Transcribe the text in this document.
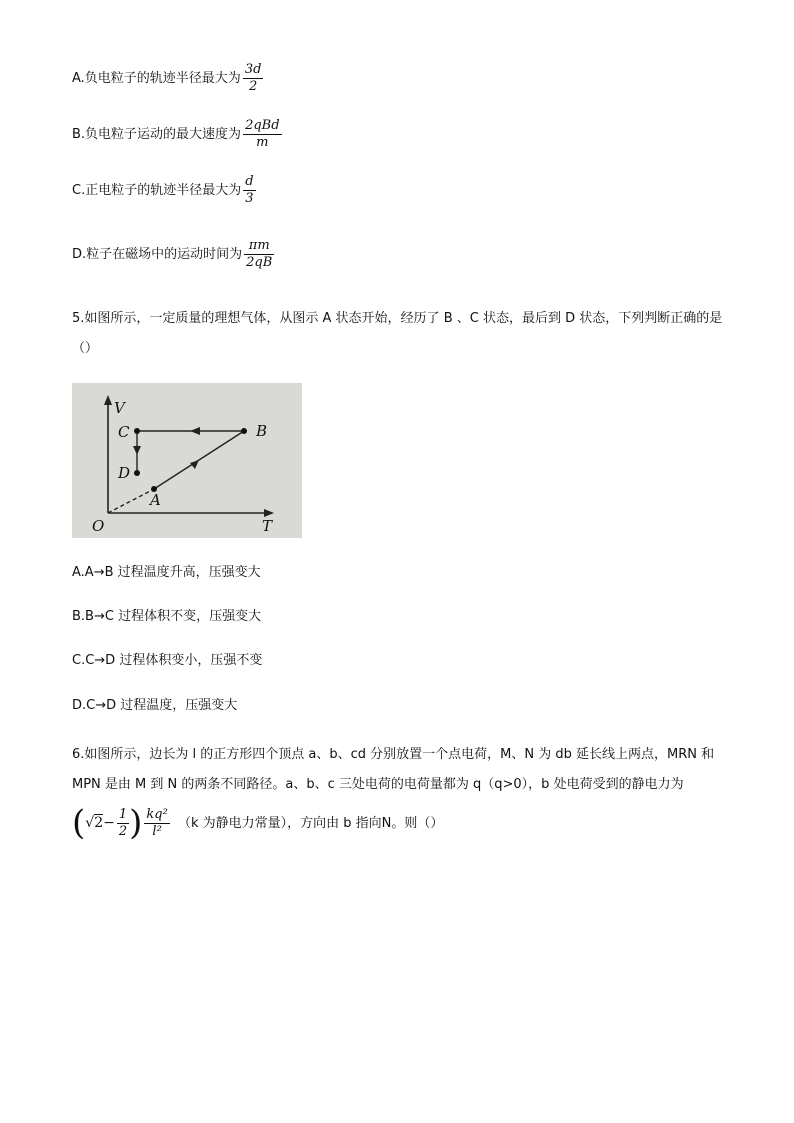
A.负电粒子的轨迹半径最大为 $\frac{3d}{2}$
B.负电粒子运动的最大速度为 $\frac{\text{2qBd}}{m}$
C.正电粒子的轨迹半径最大为 $\frac{d}{3}$
D.粒子在磁场中的运动时间为 $\frac{\pi m}{2qB}$
5.如图所示，一定质量的理想气体，从图示 A 状态开始，经历了 B 、C 状态，最后到 D 状态，下列判断正确的是（）
V
T
O
A
B
C
D
A.A→B 过程温度升高，压强变大
B.B→C 过程体积不变，压强变大
C.C→D 过程体积变小，压强不变
D.C→D 过程温度，压强变大
6.如图所示，边长为 l 的正方形四个顶点 a、b、cd 分别放置一个点电荷，M、N 为 db 延长线上两点，MRN 和 MPN 是由 M 到 N 的两条不同路径。a、b、c 三处电荷的电荷量都为 q（q>0），b 处电荷受到的静电力为
($√2- \frac{1}{2}$ ) $\frac{\text{kq²}}{\text{l²}} (k$ 为静电力常量），方向由 b 指向N。则（）
